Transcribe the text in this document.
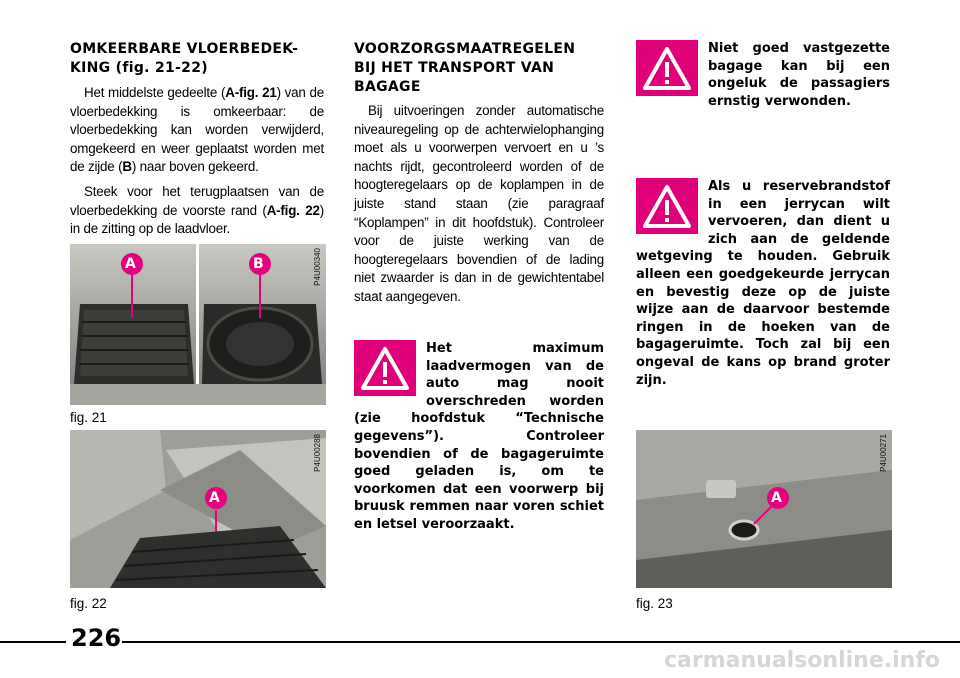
OMKEERBARE VLOERBEDEK-
KING (fig. 21-22)

Het middelste gedeelte (A-fig. 21) van de vloerbedekking is omkeerbaar: de vloerbedekking kan worden verwijderd, omgekeerd en weer geplaatst worden met de zijde (B) naar boven gekeerd.

Steek voor het terugplaatsen van de vloerbedekking de voorste rand (A-fig. 22) in de zitting op de laadvloer.

A	B	P4U00340
fig. 21
A
P4U00288
fig. 22
VOORZORGSMAATREGELEN
BIJ HET TRANSPORT VAN
BAGAGE

Bij uitvoeringen zonder automatische niveauregeling op de achterwielophanging moet als u voorwerpen vervoert en u ’s nachts rijdt, gecontroleerd worden of de hoogteregelaars op de koplampen in de juiste stand staan (zie paragraaf “Koplampen” in dit hoofdstuk). Controleer voor de juiste werking van de hoogteregelaars bovendien of de lading niet zwaarder is dan in de gewichtentabel staat aangegeven.

Het maximum laadvermogen van de auto mag nooit overschreden worden (zie hoofdstuk “Technische gegevens”). Controleer bovendien of de bagageruimte goed geladen is, om te voorkomen dat een voorwerp bij bruusk remmen naar voren schiet en letsel veroorzaakt.
Niet goed vastgezette bagage kan bij een ongeluk de passagiers ernstig verwonden.
Als u reservebrandstof in een jerrycan wilt vervoeren, dan dient u zich aan de geldende wetgeving te houden. Gebruik alleen een goedgekeurde jerrycan en bevestig deze op de juiste wijze aan de daarvoor bestemde ringen in de hoeken van de bagageruimte. Toch zal bij een ongeval de kans op brand groter zijn.
A
P4U00271
fig. 23
226
carmanualsonline.info
